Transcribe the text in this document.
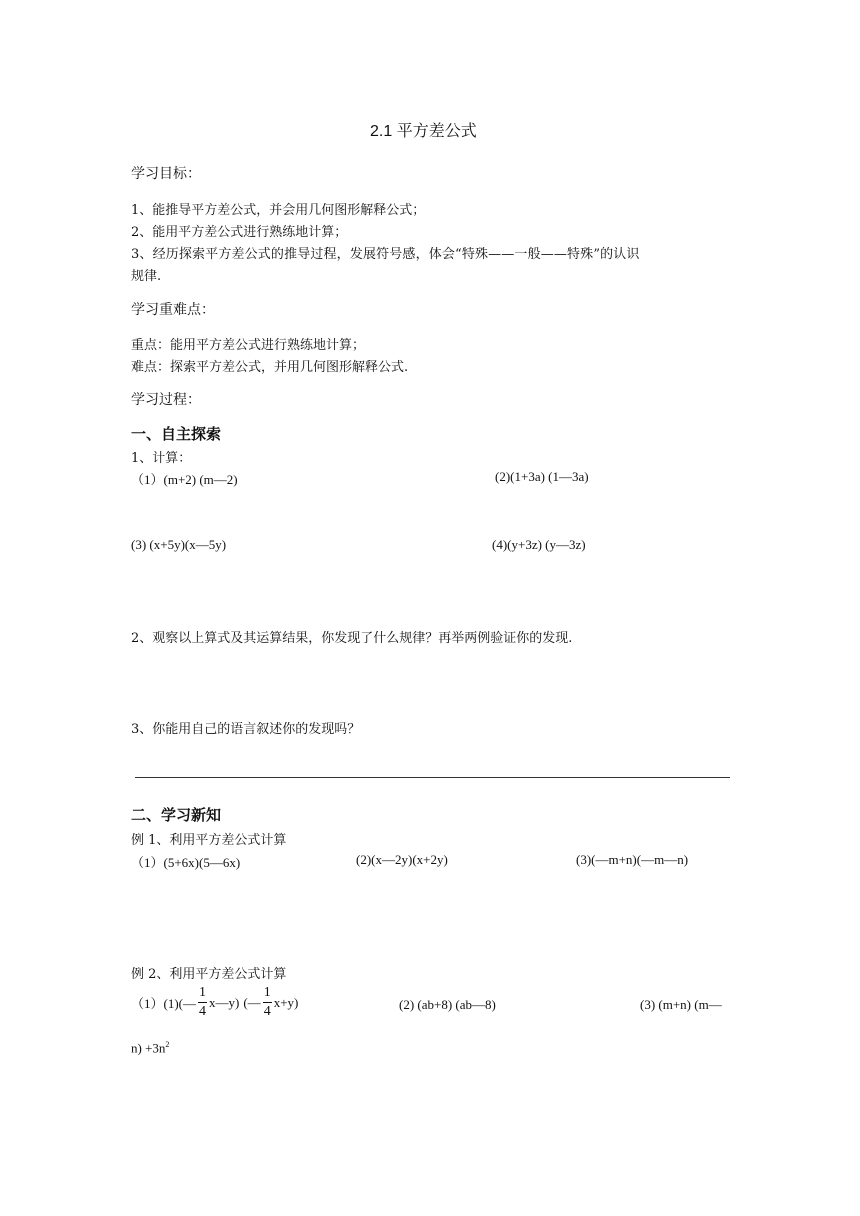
2.1 平方差公式
学习目标：
1、能推导平方差公式，并会用几何图形解释公式；
2、能用平方差公式进行熟练地计算；
3、经历探索平方差公式的推导过程，发展符号感，体会“特殊——一般——特殊”的认识
规律.
学习重难点：
重点：能用平方差公式进行熟练地计算；
难点：探索平方差公式，并用几何图形解释公式.
学习过程：
一、自主探索
1、计算：
（1）(m+2) (m—2)	(2)(1+3a) (1—3a)
(3) (x+5y)(x—5y)	(4)(y+3z) (y—3z)
2、观察以上算式及其运算结果，你发现了什么规律？再举两例验证你的发现.
3、你能用自己的语言叙述你的发现吗？
二、学习新知
例 1、利用平方差公式计算
（1）(5+6x)(5—6x)	(2)(x—2y)(x+2y)	(3)(—m+n)(—m—n)
例 2、利用平方差公式计算
（1）(1)(— $\frac{1}{4}$ x—y) (— $\frac{1}{4} x+y$)	(2) (ab+8) (ab—8)	(3) (m+n) (m—
$n) +3n^2$
